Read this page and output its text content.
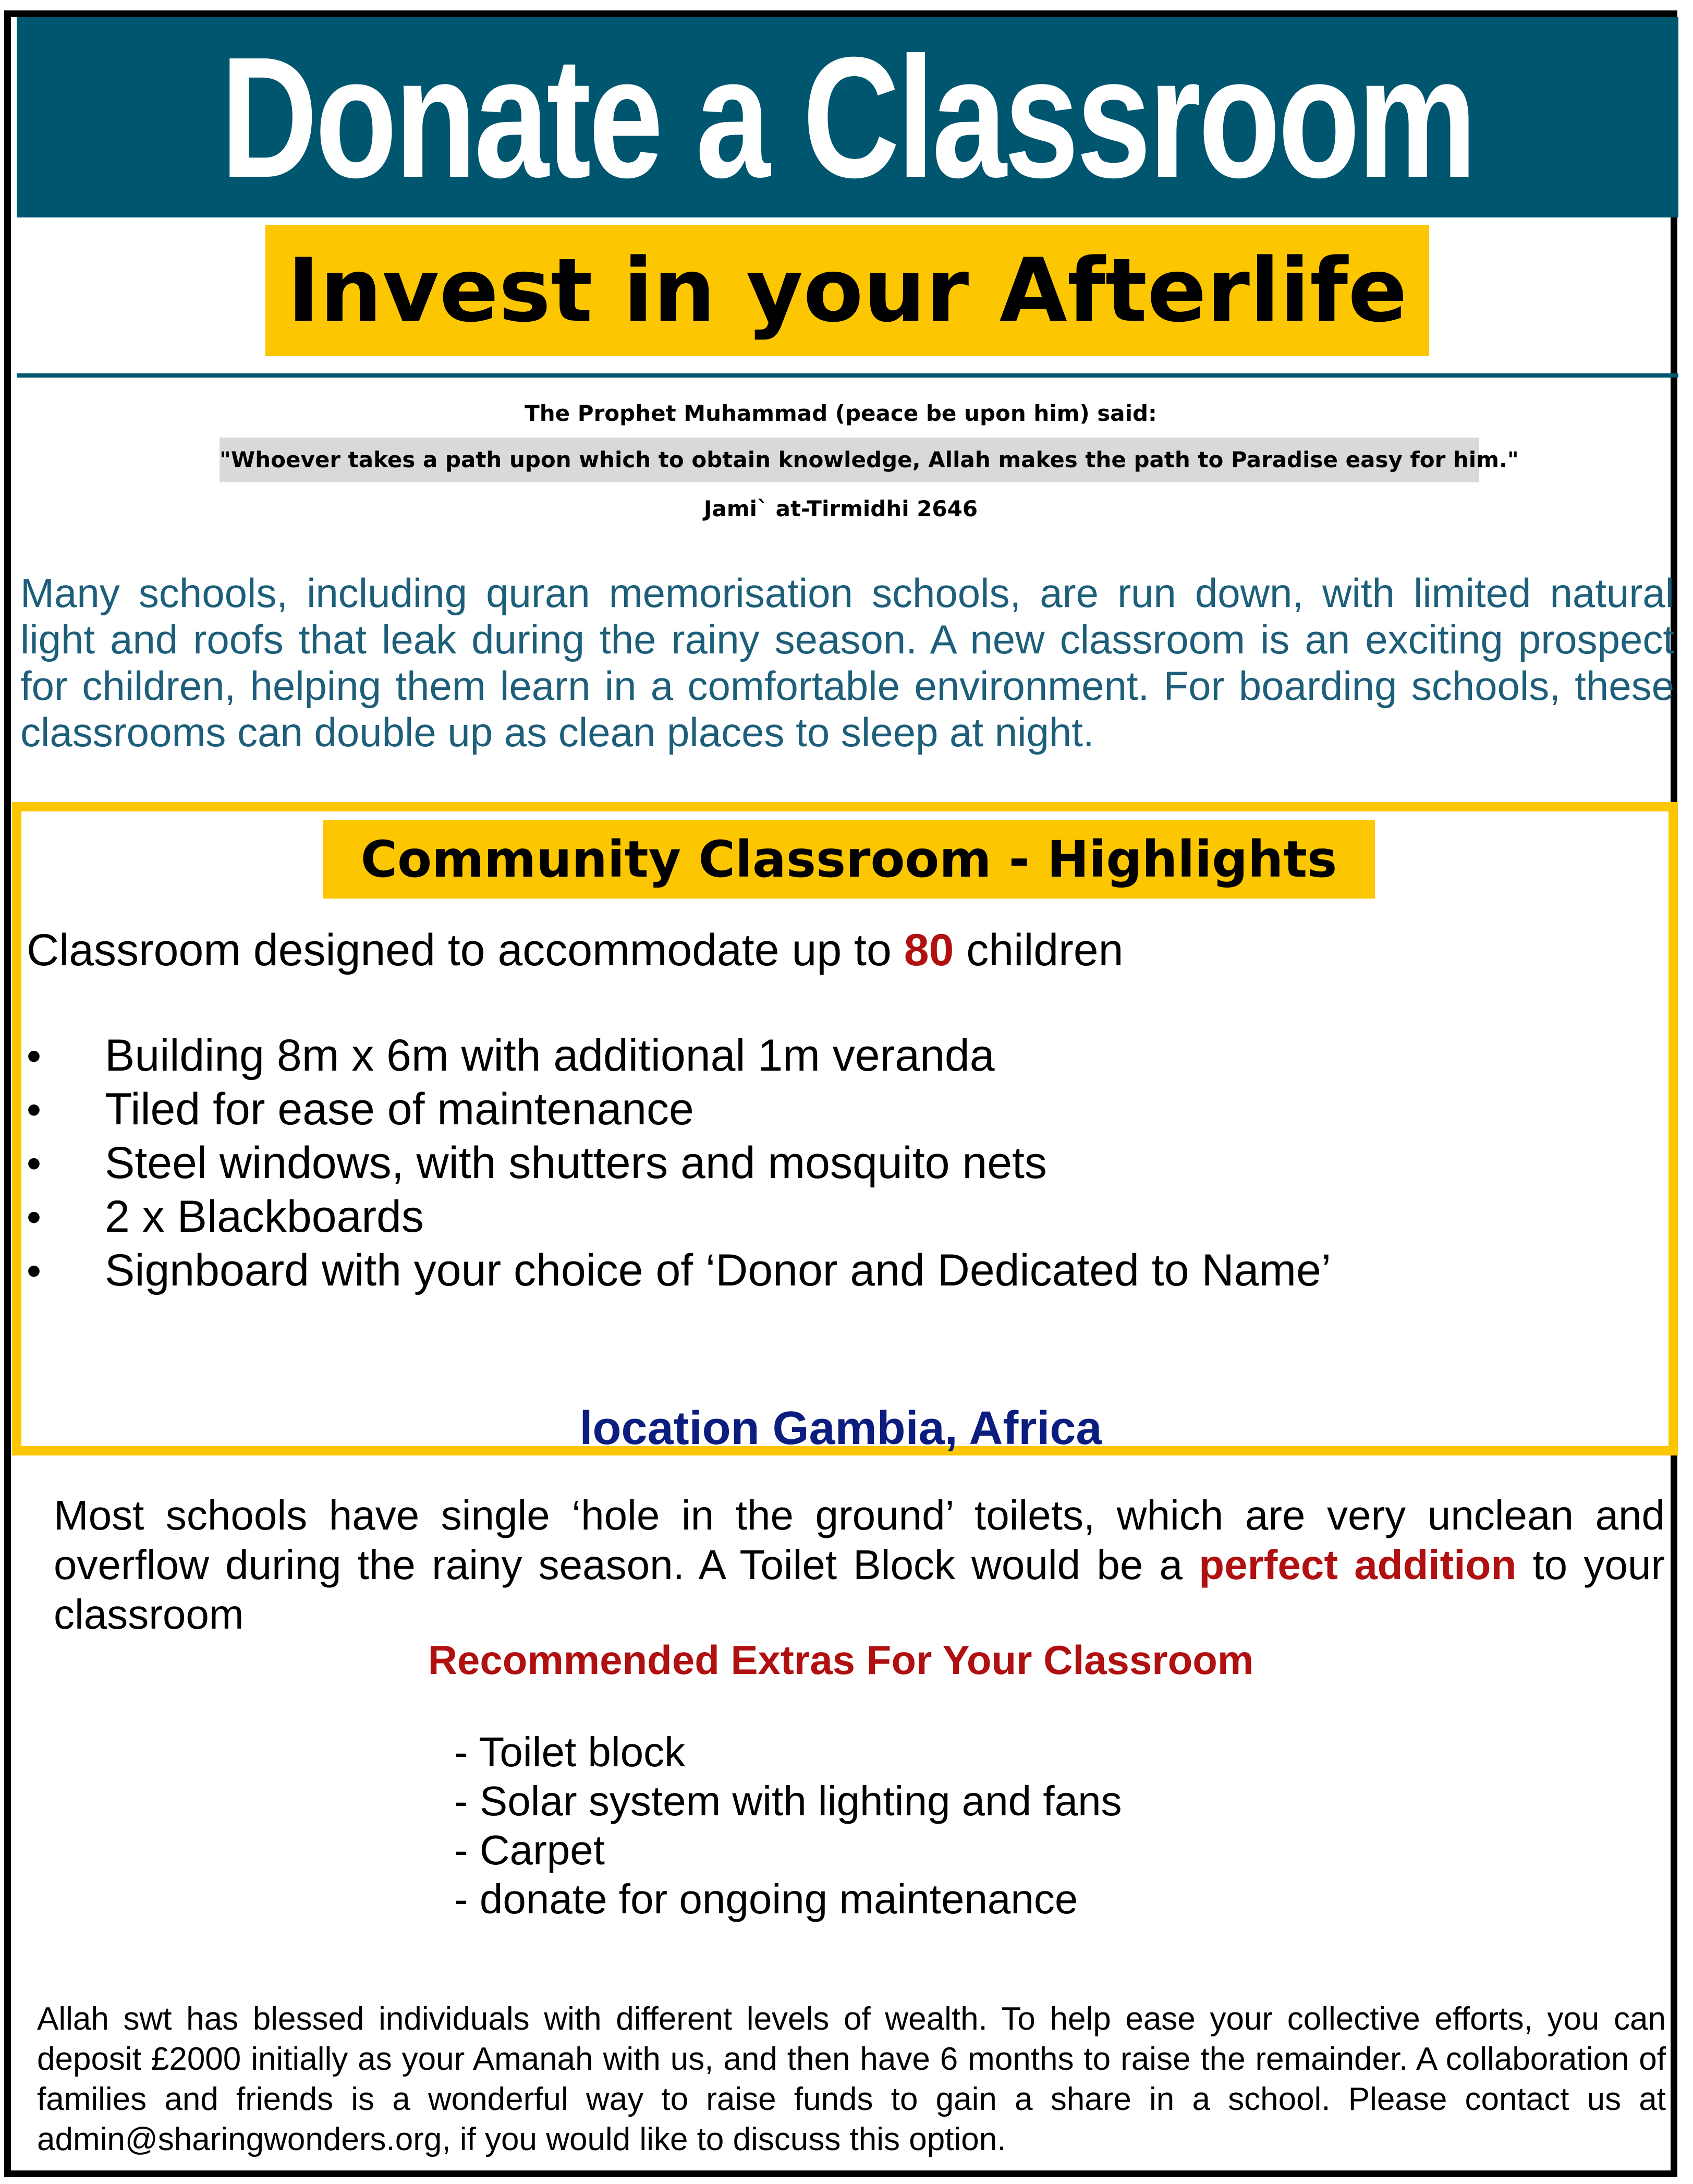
Donate a Classroom
Invest in your Afterlife
The Prophet Muhammad (peace be upon him) said:
"Whoever takes a path upon which to obtain knowledge, Allah makes the path to Paradise easy for him."
Jami` at-Tirmidhi 2646
Many schools, including quran memorisation schools, are run down, with limited natural light and roofs that leak during the rainy season. A new classroom is an exciting prospect for children, helping them learn in a comfortable environment. For boarding schools, these classrooms can double up as clean places to sleep at night.
Community Classroom - Highlights
Classroom designed to accommodate up to 80 children
• Building 8m x 6m with additional 1m veranda
• Tiled for ease of maintenance
• Steel windows, with shutters and mosquito nets
• 2 x Blackboards
• Signboard with your choice of ‘Donor and Dedicated to Name’
location Gambia, Africa
Most schools have single ‘hole in the ground’ toilets, which are very unclean and overflow during the rainy season. A Toilet Block would be a perfect addition to your classroom
Recommended Extras For Your Classroom
- Toilet block
- Solar system with lighting and fans
- Carpet
- donate for ongoing maintenance
Allah swt has blessed individuals with different levels of wealth. To help ease your collective efforts, you can deposit £2000 initially as your Amanah with us, and then have 6 months to raise the remainder. A collaboration of families and friends is a wonderful way to raise funds to gain a share in a school. Please contact us at admin@sharingwonders.org, if you would like to discuss this option.
